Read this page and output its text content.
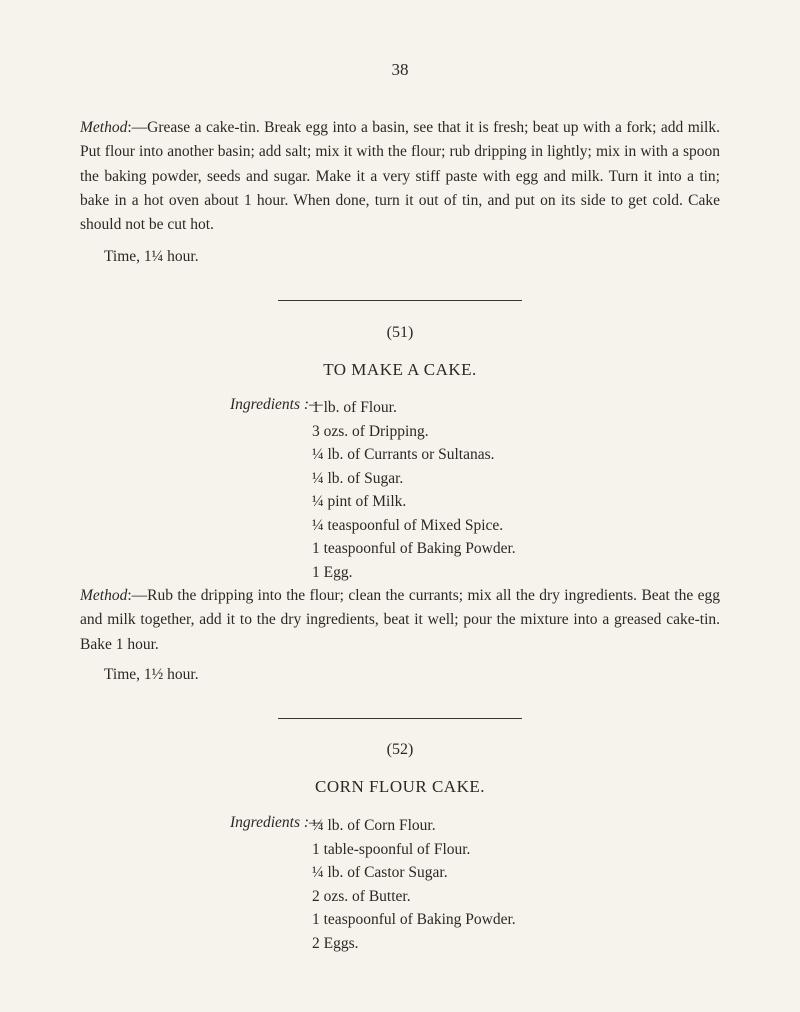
38

Method:—Grease a cake-tin. Break egg into a basin, see that it is fresh; beat up with a fork; add milk. Put flour into another basin; add salt; mix it with the flour; rub dripping in lightly; mix in with a spoon the baking powder, seeds and sugar. Make it a very stiff paste with egg and milk. Turn it into a tin; bake in a hot oven about 1 hour. When done, turn it out of tin, and put on its side to get cold. Cake should not be cut hot.

Time, 1¼ hour.
(51)
TO MAKE A CAKE.
Ingredients :—
1 lb. of Flour.
3 ozs. of Dripping.
¼ lb. of Currants or Sultanas.
¼ lb. of Sugar.
¼ pint of Milk.
¼ teaspoonful of Mixed Spice.
1 teaspoonful of Baking Powder.
1 Egg.

Method:—Rub the dripping into the flour; clean the currants; mix all the dry ingredients. Beat the egg and milk together, add it to the dry ingredients, beat it well; pour the mixture into a greased cake-tin. Bake 1 hour.

Time, 1½ hour.
(52)
CORN FLOUR CAKE.
Ingredients :—
¼ lb. of Corn Flour.
1 table-spoonful of Flour.
¼ lb. of Castor Sugar.
2 ozs. of Butter.
1 teaspoonful of Baking Powder.
2 Eggs.
